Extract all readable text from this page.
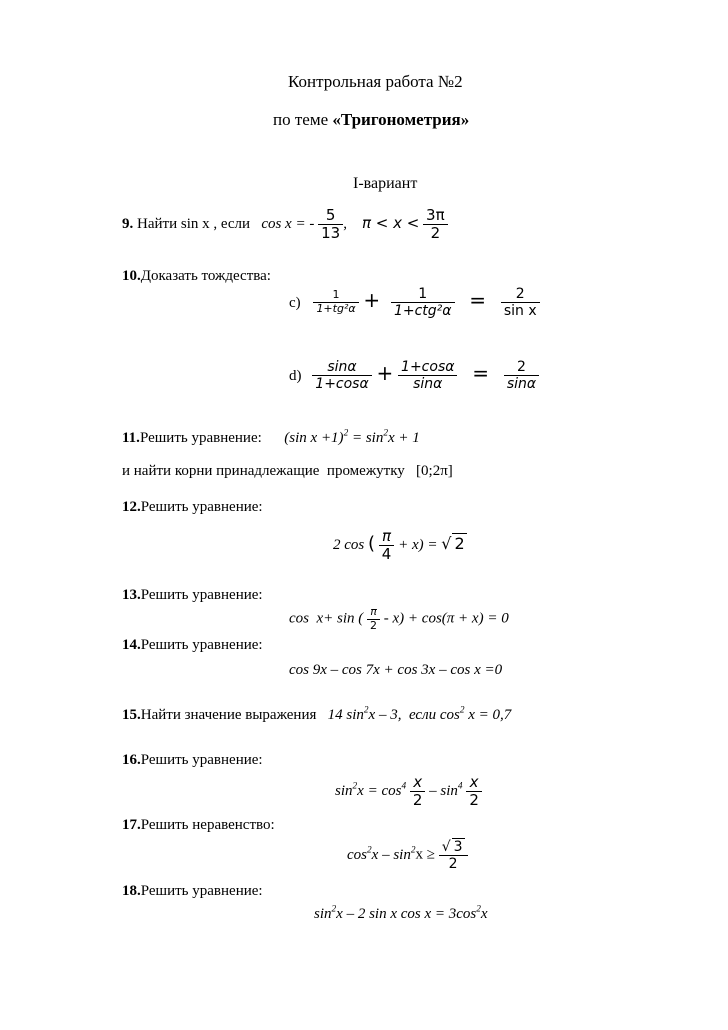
Контрольная работа №2
по теме «Тригонометрия»
I-вариант
9. Найти sin x , если cos x = - $\frac{5}{13}$ , $\pi < x < \frac{3\pi}{2}$
10.Доказать тождества:
$c) \frac{1}{\text{1+tg²α}} + \frac{1}{\text{1+ctg²α}} = \frac{2}{\text{sin x}}$
$d) \frac{\sin\alpha}{1+\cos\alpha} + \frac{1+\cos\alpha}{\sin\alpha} = \frac{2}{\sin\alpha}$
11.Решить уравнение: (sin $x +1)^2 = \sin^2x + 1$
и найти корни принадлежащие  промежутку   [0;2π]
12.Решить уравнение:
2 cos ( $\frac{\pi}{4} + x$) = √ 2
13.Решить уравнение:
cos  x+ sin ( $\frac{\pi}{2} - x) + \cos(\pi + x) = 0$
14.Решить уравнение:
cos 9x – cos 7x + cos 3x – cos x =0
15.Найти значение выражения 14 $\sin^2x - 3$,  если $\cos^2 x = 0,7$
16.Решить уравнение:
$\sin^2x = \cos^4 \frac{x}{2} - \sin^4 \frac{x}{2}$
17.Решить неравенство:
$\cos^2x - \sin^2x \ge \frac{√ 3}{2}$
18.Решить уравнение:
$\sin^2x - 2$ sin x $\cos x = 3\cos^2x$
